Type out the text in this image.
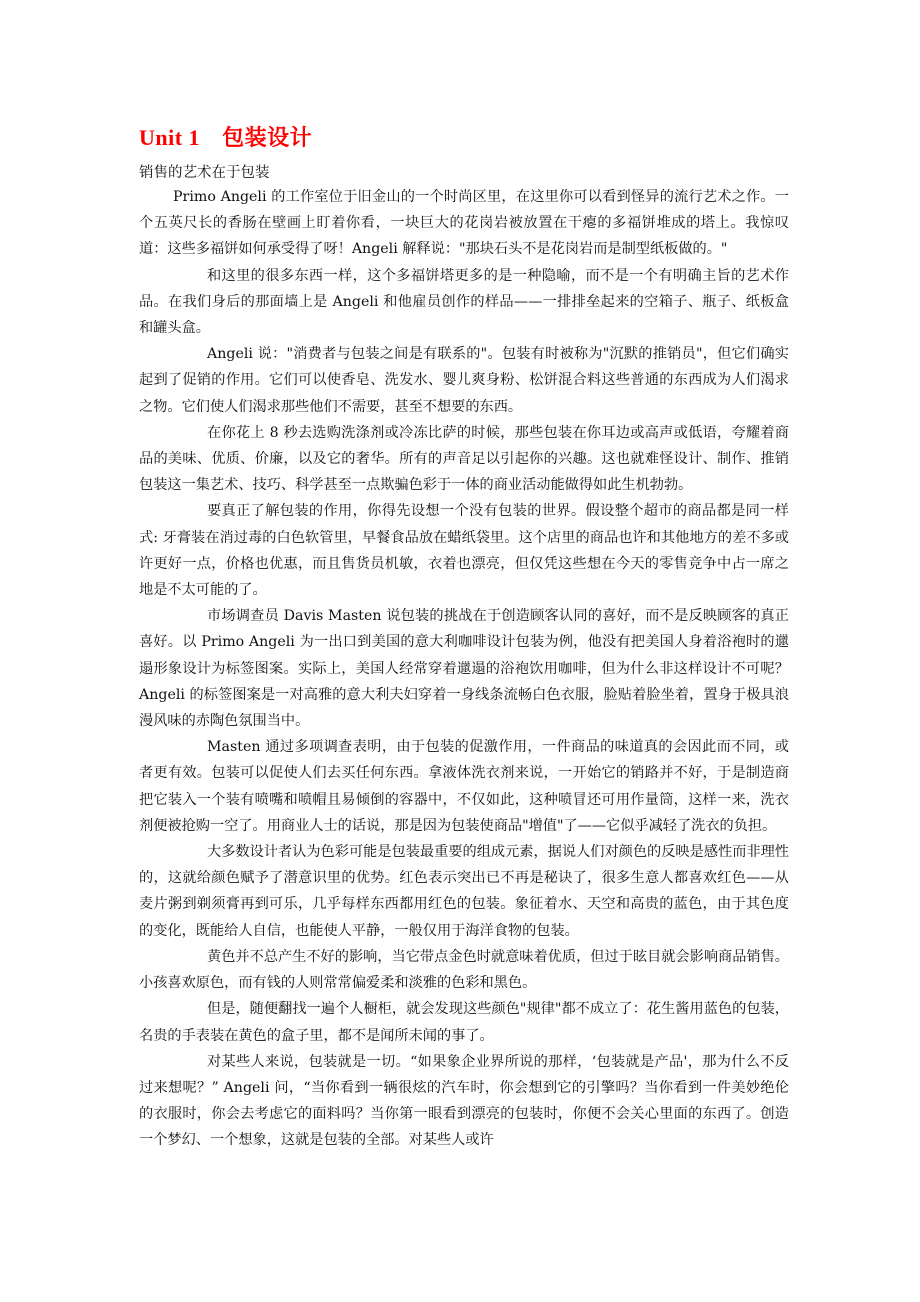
Unit 1 包装设计
销售的艺术在于包装

Primo Angeli 的工作室位于旧金山的一个时尚区里，在这里你可以看到怪异的流行艺术之作。一个五英尺长的香肠在壁画上盯着你看，一块巨大的花岗岩被放置在干瘪的多福饼堆成的塔上。我惊叹道：这些多福饼如何承受得了呀！Angeli 解释说："那块石头不是花岗岩而是制型纸板做的。"

和这里的很多东西一样，这个多福饼塔更多的是一种隐喻，而不是一个有明确主旨的艺术作品。在我们身后的那面墙上是 Angeli 和他雇员创作的样品——一排排垒起来的空箱子、瓶子、纸板盒和罐头盒。

Angeli 说："消费者与包装之间是有联系的"。包装有时被称为"沉默的推销员"，但它们确实起到了促销的作用。它们可以使香皂、洗发水、婴儿爽身粉、松饼混合料这些普通的东西成为人们渴求之物。它们使人们渴求那些他们不需要，甚至不想要的东西。

在你花上 8 秒去选购洗涤剂或冷冻比萨的时候，那些包装在你耳边或高声或低语，夸耀着商品的美味、优质、价廉，以及它的奢华。所有的声音足以引起你的兴趣。这也就难怪设计、制作、推销包装这一集艺术、技巧、科学甚至一点欺骗色彩于一体的商业活动能做得如此生机勃勃。

要真正了解包装的作用，你得先设想一个没有包装的世界。假设整个超市的商品都是同一样式: 牙膏装在消过毒的白色软管里，早餐食品放在蜡纸袋里。这个店里的商品也许和其他地方的差不多或许更好一点，价格也优惠，而且售货员机敏，衣着也漂亮，但仅凭这些想在今天的零售竞争中占一席之地是不太可能的了。

市场调查员 Davis Masten 说包装的挑战在于创造顾客认同的喜好，而不是反映顾客的真正喜好。以 Primo Angeli 为一出口到美国的意大利咖啡设计包装为例，他没有把美国人身着浴袍时的邋遢形象设计为标签图案。实际上，美国人经常穿着邋遢的浴袍饮用咖啡，但为什么非这样设计不可呢？Angeli 的标签图案是一对高雅的意大利夫妇穿着一身线条流畅白色衣服，脸贴着脸坐着，置身于极具浪漫风味的赤陶色氛围当中。

Masten 通过多项调查表明，由于包装的促激作用，一件商品的味道真的会因此而不同，或者更有效。包装可以促使人们去买任何东西。拿液体洗衣剂来说，一开始它的销路并不好，于是制造商把它装入一个装有喷嘴和喷帽且易倾倒的容器中，不仅如此，这种喷冒还可用作量筒，这样一来，洗衣剂便被抢购一空了。用商业人士的话说，那是因为包装使商品"增值"了——它似乎减轻了洗衣的负担。

大多数设计者认为色彩可能是包装最重要的组成元素，据说人们对颜色的反映是感性而非理性的，这就给颜色赋予了潜意识里的优势。红色表示突出已不再是秘诀了，很多生意人都喜欢红色——从麦片粥到剃须膏再到可乐，几乎每样东西都用红色的包装。象征着水、天空和高贵的蓝色，由于其色度的变化，既能给人自信，也能使人平静，一般仅用于海洋食物的包装。

黄色并不总产生不好的影响，当它带点金色时就意味着优质，但过于眩目就会影响商品销售。小孩喜欢原色，而有钱的人则常常偏爱柔和淡雅的色彩和黑色。

但是，随便翻找一遍个人橱柜，就会发现这些颜色"规律"都不成立了：花生酱用蓝色的包装，名贵的手表装在黄色的盒子里，都不是闻所未闻的事了。

对某些人来说，包装就是一切。“如果象企业界所说的那样，‘包装就是产品'，那为什么不反过来想呢？” Angeli 问，“当你看到一辆很炫的汽车时，你会想到它的引擎吗？当你看到一件美妙绝伦的衣服时，你会去考虑它的面料吗？当你第一眼看到漂亮的包装时，你便不会关心里面的东西了。创造一个梦幻、一个想象，这就是包装的全部。对某些人或许
